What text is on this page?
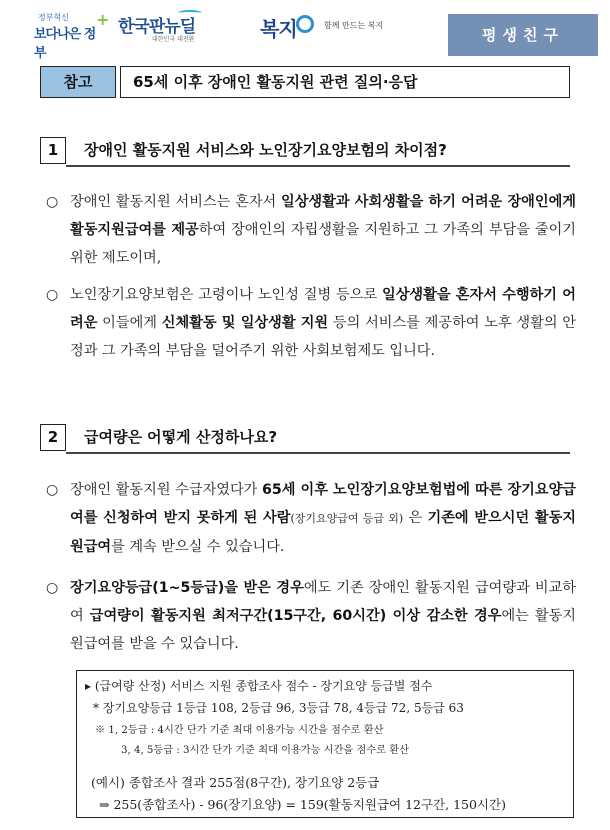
정부혁신
보다나은 정부
+ 한국판뉴딜
대한민국 대전환	복지	함께 만드는 복지
평생친구
참고	65세 이후 장애인 활동지원 관련 질의·응답
1	장애인 활동지원 서비스와 노인장기요양보험의 차이점?
○ 장애인 활동지원 서비스는 혼자서 일상생활과 사회생활을 하기 어려운 장애인에게 활동지원급여를 제공하여 장애인의 자립생활을 지원하고 그 가족의 부담을 줄이기 위한 제도이며,
○ 노인장기요양보험은 고령이나 노인성 질병 등으로 일상생활을 혼자서 수행하기 어려운 이들에게 신체활동 및 일상생활 지원 등의 서비스를 제공하여 노후 생활의 안정과 그 가족의 부담을 덜어주기 위한 사회보험제도 입니다.
2	급여량은 어떻게 산정하나요?
○ 장애인 활동지원 수급자였다가 65세 이후 노인장기요양보험법에 따른 장기요양급여를 신청하여 받지 못하게 된 사람(장기요양급여 등급 외) 은 기존에 받으시던 활동지원급여를 계속 받으실 수 있습니다.
○ 장기요양등급(1~5등급)을 받은 경우에도 기존 장애인 활동지원 급여량과 비교하여 급여량이 활동지원 최저구간(15구간, 60시간) 이상 감소한 경우에는 활동지원급여를 받을 수 있습니다.
▸ (급여량 산정) 서비스 지원 종합조사 점수 - 장기요양 등급별 점수
* 장기요양등급 1등급 108, 2등급 96, 3등급 78, 4등급 72, 5등급 63
※ 1, 2등급 : 4시간 단가 기준 최대 이용가능 시간을 점수로 환산
3, 4, 5등급 : 3시간 단가 기준 최대 이용가능 시간을 점수로 환산
(예시) 종합조사 결과 255점(8구간), 장기요양 2등급
⇒ 255(종합조사) - 96(장기요양) = 159(활동지원급여 12구간, 150시간)
